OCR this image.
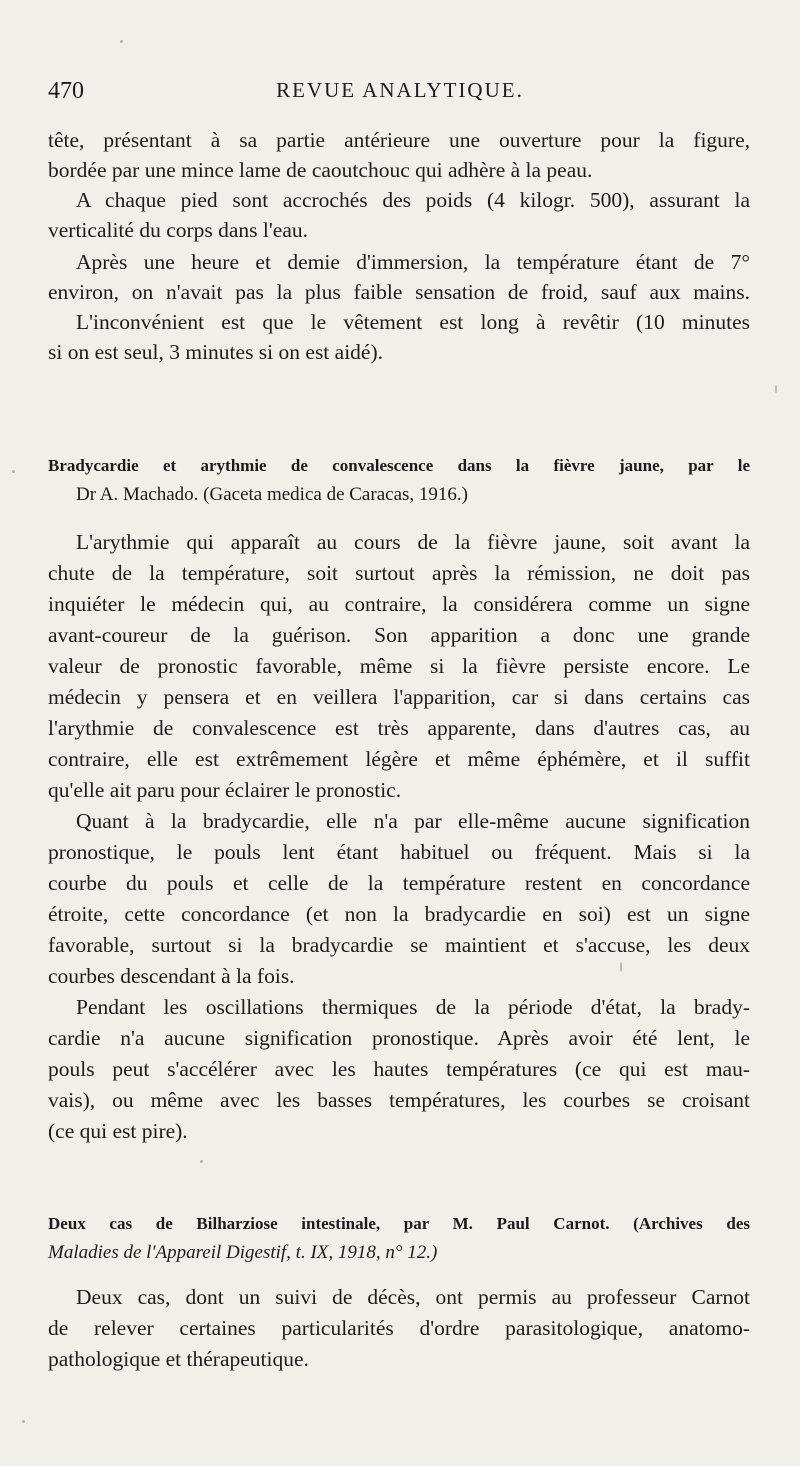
470	REVUE ANALYTIQUE.
tête, présentant à sa partie antérieure une ouverture pour la figure,
bordée par une mince lame de caoutchouc qui adhère à la peau.
A chaque pied sont accrochés des poids (4 kilogr. 500), assurant la
verticalité du corps dans l'eau.
Après une heure et demie d'immersion, la température étant de 7°
environ, on n'avait pas la plus faible sensation de froid, sauf aux mains.
L'inconvénient est que le vêtement est long à revêtir (10 minutes
si on est seul, 3 minutes si on est aidé).
Bradycardie et arythmie de convalescence dans la fièvre jaune, par le
Dr A. Machado. (Gaceta medica de Caracas, 1916.)
L'arythmie qui apparaît au cours de la fièvre jaune, soit avant la
chute de la température, soit surtout après la rémission, ne doit pas
inquiéter le médecin qui, au contraire, la considérera comme un signe
avant-coureur de la guérison. Son apparition a donc une grande
valeur de pronostic favorable, même si la fièvre persiste encore. Le
médecin y pensera et en veillera l'apparition, car si dans certains cas
l'arythmie de convalescence est très apparente, dans d'autres cas, au
contraire, elle est extrêmement légère et même éphémère, et il suffit
qu'elle ait paru pour éclairer le pronostic.
Quant à la bradycardie, elle n'a par elle-même aucune signification
pronostique, le pouls lent étant habituel ou fréquent. Mais si la
courbe du pouls et celle de la température restent en concordance
étroite, cette concordance (et non la bradycardie en soi) est un signe
favorable, surtout si la bradycardie se maintient et s'accuse, les deux
courbes descendant à la fois.
Pendant les oscillations thermiques de la période d'état, la brady-
cardie n'a aucune signification pronostique. Après avoir été lent, le
pouls peut s'accélérer avec les hautes températures (ce qui est mau-
vais), ou même avec les basses températures, les courbes se croisant
(ce qui est pire).
Deux cas de Bilharziose intestinale, par M. Paul Carnot. (Archives des
Maladies de l'Appareil Digestif, t. IX, 1918, n° 12.)
Deux cas, dont un suivi de décès, ont permis au professeur Carnot
de relever certaines particularités d'ordre parasitologique, anatomo-
pathologique et thérapeutique.
